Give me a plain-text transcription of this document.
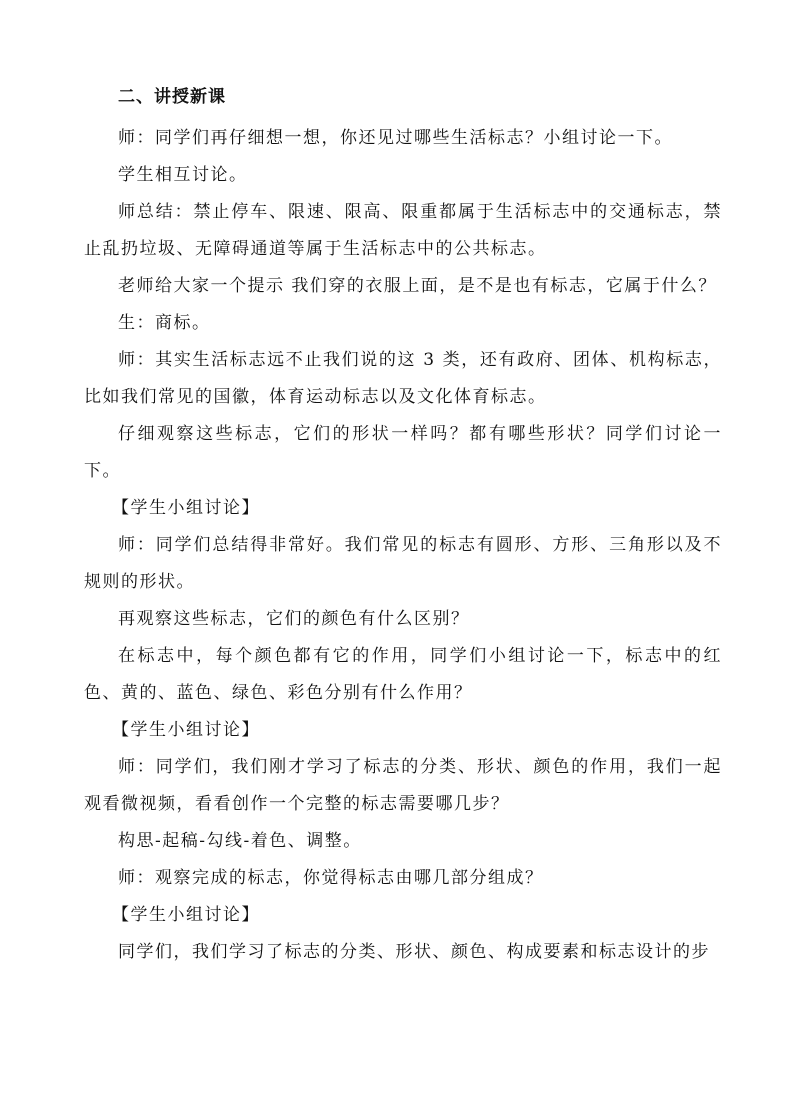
二、讲授新课

师：同学们再仔细想一想，你还见过哪些生活标志？小组讨论一下。

学生相互讨论。

师总结：禁止停车、限速、限高、限重都属于生活标志中的交通标志，禁止乱扔垃圾、无障碍通道等属于生活标志中的公共标志。

老师给大家一个提示 我们穿的衣服上面，是不是也有标志，它属于什么？

生：商标。

师：其实生活标志远不止我们说的这 3 类，还有政府、团体、机构标志，比如我们常见的国徽，体育运动标志以及文化体育标志。

仔细观察这些标志，它们的形状一样吗？都有哪些形状？同学们讨论一下。

【学生小组讨论】

师：同学们总结得非常好。我们常见的标志有圆形、方形、三角形以及不规则的形状。

再观察这些标志，它们的颜色有什么区别？

在标志中，每个颜色都有它的作用，同学们小组讨论一下，标志中的红色、黄的、蓝色、绿色、彩色分别有什么作用？

【学生小组讨论】

师：同学们，我们刚才学习了标志的分类、形状、颜色的作用，我们一起观看微视频，看看创作一个完整的标志需要哪几步？

构思-起稿-勾线-着色、调整。

师：观察完成的标志，你觉得标志由哪几部分组成？

【学生小组讨论】

同学们，我们学习了标志的分类、形状、颜色、构成要素和标志设计的步
